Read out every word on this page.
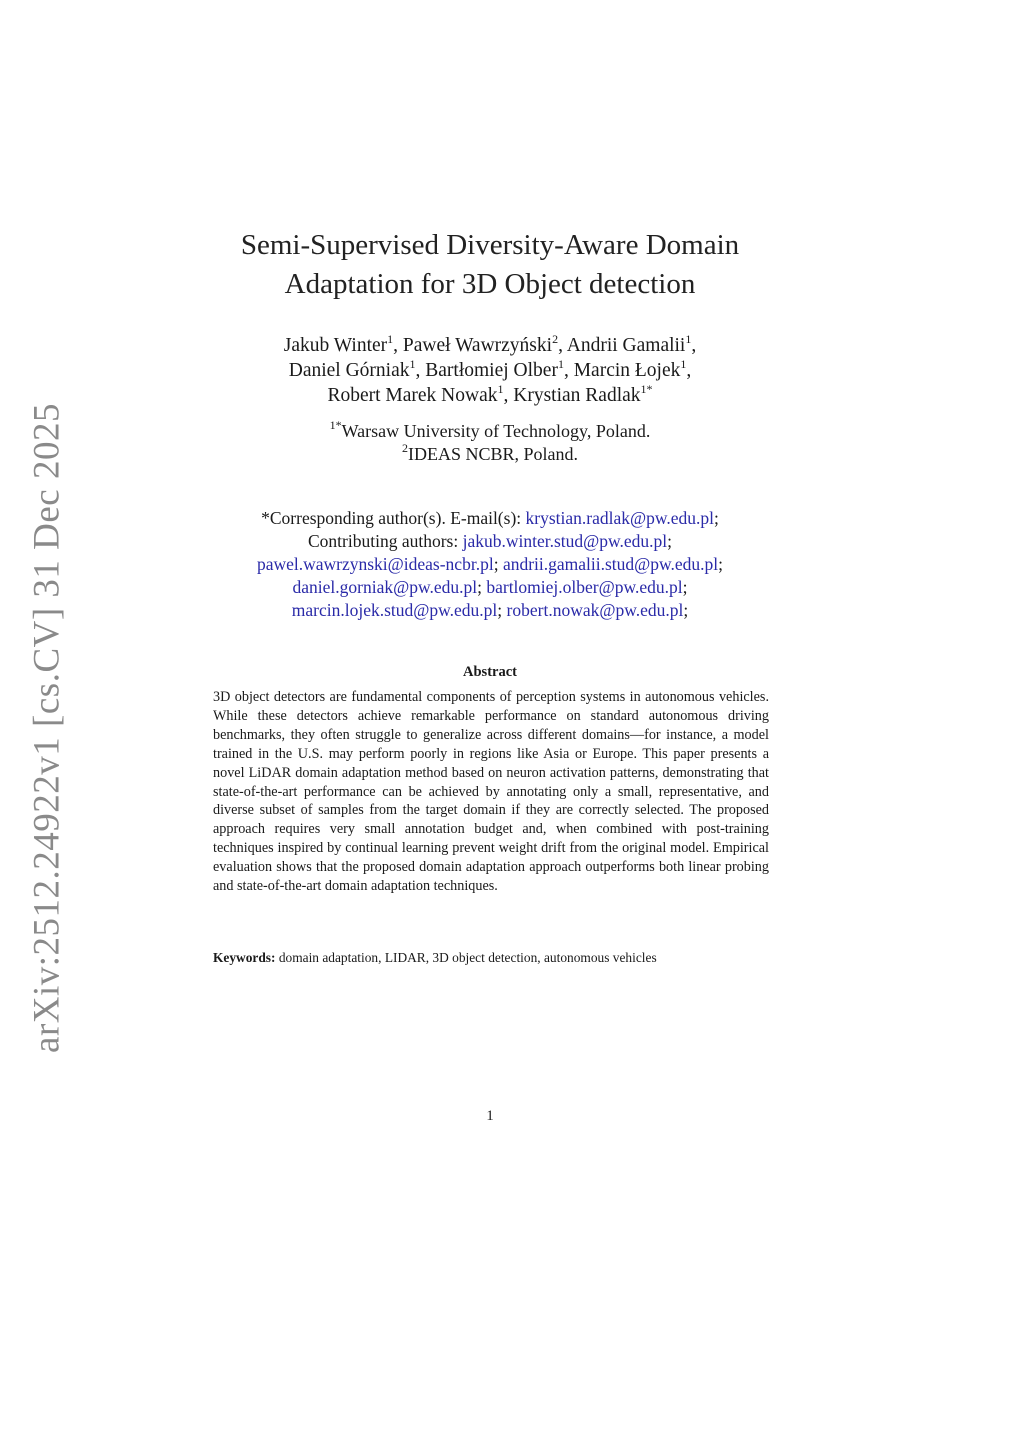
arXiv:2512.24922v1 [cs.CV] 31 Dec 2025
Semi-Supervised Diversity-Aware Domain
Adaptation for 3D Object detection
Jakub Winter$^1$, Paweł Wawrzyński$^2$, Andrii Gamalii$^1$,
Daniel Górniak$^1$, Bartłomiej Olber$^1$, Marcin Łojek$^1$,
Robert Marek Nowak$^1$, Krystian Radlak$^{1*}$
$^{1*}$Warsaw University of Technology, Poland.
$^2$IDEAS NCBR, Poland.
*Corresponding author(s). E-mail(s): krystian.radlak@pw.edu.pl;
Contributing authors: jakub.winter.stud@pw.edu.pl;
pawel.wawrzynski@ideas-ncbr.pl; andrii.gamalii.stud@pw.edu.pl;
daniel.gorniak@pw.edu.pl; bartlomiej.olber@pw.edu.pl;
marcin.lojek.stud@pw.edu.pl; robert.nowak@pw.edu.pl;
Abstract
3D object detectors are fundamental components of perception systems in autonomous vehicles. While these detectors achieve remarkable performance on standard autonomous driving benchmarks, they often struggle to generalize across different domains—for instance, a model trained in the U.S. may perform poorly in regions like Asia or Europe. This paper presents a novel LiDAR domain adaptation method based on neuron activation patterns, demonstrating that state-of-the-art performance can be achieved by annotating only a small, representative, and diverse subset of samples from the target domain if they are correctly selected. The proposed approach requires very small annotation budget and, when combined with post-training techniques inspired by continual learning prevent weight drift from the original model. Empirical evaluation shows that the proposed domain adaptation approach outperforms both linear probing and state-of-the-art domain adaptation techniques.
Keywords: domain adaptation, LIDAR, 3D object detection, autonomous vehicles
1
